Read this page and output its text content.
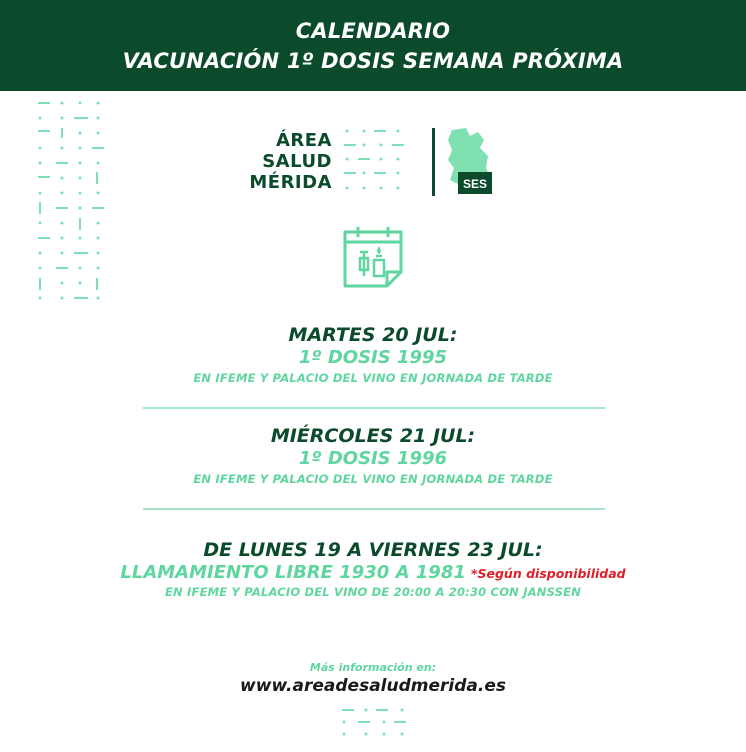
CALENDARIO
VACUNACIÓN 1º DOSIS SEMANA PRÓXIMA
ÁREA
SALUD
MÉRIDA	SES
MARTES 20 JUL:
1º DOSIS 1995
EN IFEME Y PALACIO DEL VINO EN JORNADA DE TARDE
MIÉRCOLES 21 JUL:
1º DOSIS 1996
EN IFEME Y PALACIO DEL VINO EN JORNADA DE TARDE
DE LUNES 19 A VIERNES 23 JUL:
LLAMAMIENTO LIBRE 1930 A 1981 *Según disponibilidad
EN IFEME Y PALACIO DEL VINO DE 20:00 A 20:30 CON JANSSEN
Más información en:
www.areadesaludmerida.es
